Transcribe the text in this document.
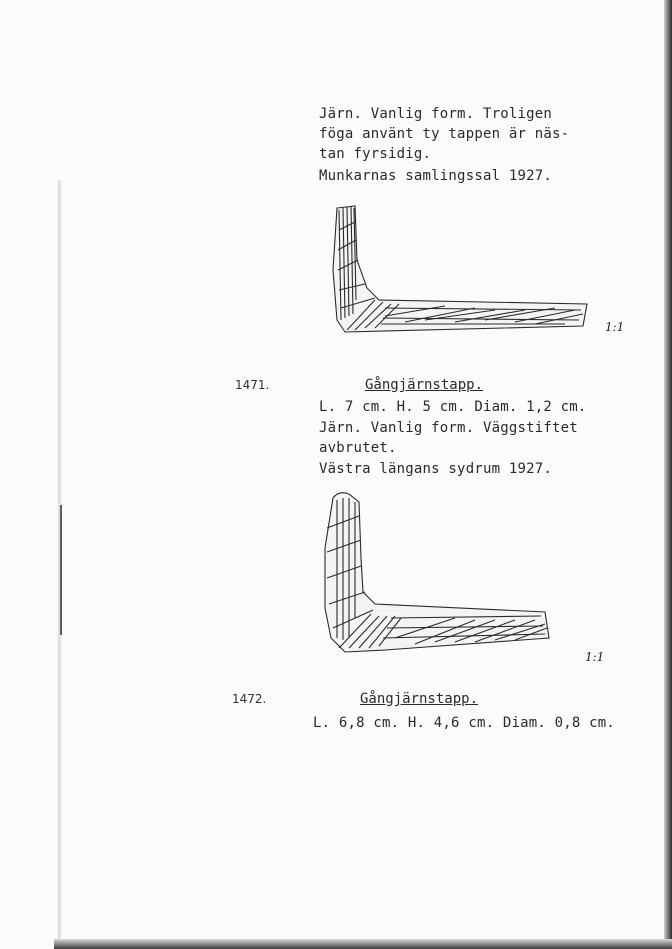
Järn. Vanlig form. Troligen
föga använt ty tappen är näs-
tan fyrsidig.
Munkarnas samlingssal 1927.
1:1
1471.	Gångjärnstapp.
L. 7 cm. H. 5 cm. Diam. 1,2 cm.
Järn. Vanlig form. Väggstiftet
avbrutet.
Västra längans sydrum 1927.
1:1
1472.	Gångjärnstapp.
L. 6,8 cm. H. 4,6 cm. Diam. 0,8 cm.
